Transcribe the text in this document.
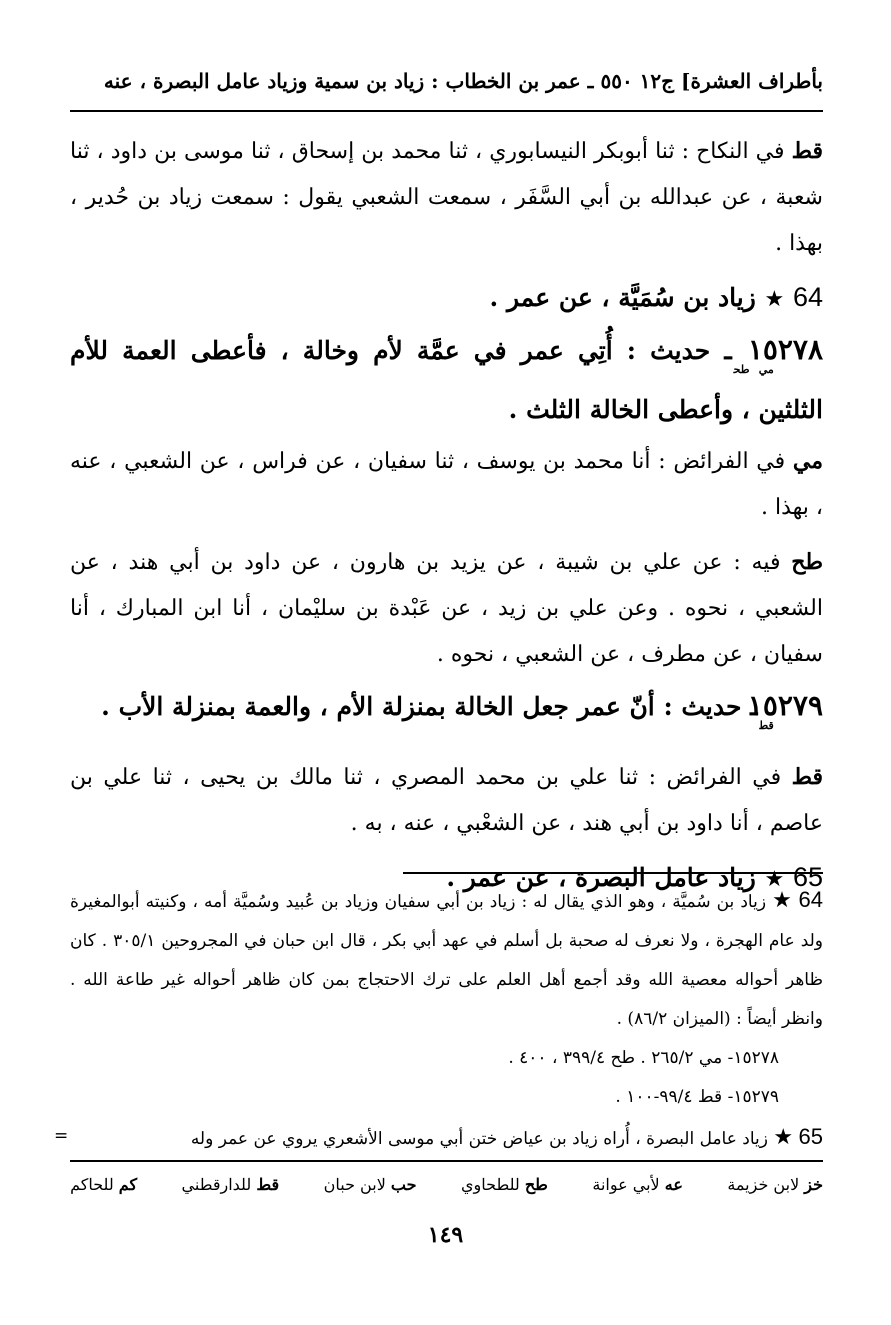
بأطراف العشرة] ج١٢ ٥٥٠ ـ عمر بن الخطاب : زياد بن سمية وزياد عامل البصرة ، عنه

قط في النكاح : ثنا أبوبكر النيسابوري ، ثنا محمد بن إسحاق ، ثنا موسى بن داود ، ثنا شعبة ، عن عبدالله بن أبي السَّفَر ، سمعت الشعبي يقول : سمعت زياد بن حُدير ، بهذا .

64 ★ زياد بن سُمَيَّة ، عن عمر .

$١٥٢٧٨_{مي طح}ـ$ حديث : أُتِي عمر في عمَّة لأم وخالة ، فأعطى العمة للأم الثلثين ، وأعطى الخالة الثلث .

مي في الفرائض : أنا محمد بن يوسف ، ثنا سفيان ، عن فراس ، عن الشعبي ، عنه ، بهذا .

طح فيه : عن علي بن شيبة ، عن يزيد بن هارون ، عن داود بن أبي هند ، عن الشعبي ، نحوه . وعن علي بن زيد ، عن عَبْدة بن سليْمان ، أنا ابن المبارك ، أنا سفيان ، عن مطرف ، عن الشعبي ، نحوه .

$١٥٢٧٩_{قط}ـ$ حديث : أنّ عمر جعل الخالة بمنزلة الأم ، والعمة بمنزلة الأب .

قط في الفرائض : ثنا علي بن محمد المصري ، ثنا مالك بن يحيى ، ثنا علي بن عاصم ، أنا داود بن أبي هند ، عن الشعْبي ، عنه ، به .

65 ★ زياد عامل البصرة ، عن عمر .

64 ★ زياد بن سُميَّة ، وهو الذي يقال له : زياد بن أبي سفيان وزياد بن عُبيد وسُميَّة أمه ، وكنيته أبوالمغيرة ولد عام الهجرة ، ولا نعرف له صحبة بل أسلم في عهد أبي بكر ، قال ابن حبان في المجروحين ٣٠٥/١ . كان ظاهر أحواله معصية الله وقد أجمع أهل العلم على ترك الاحتجاج بمن كان ظاهر أحواله غير طاعة الله . وانظر أيضاً : (الميزان ٨٦/٢) .

١٥٢٧٨- مي ٢٦٥/٢ . طح ٣٩٩/٤ ، ٤٠٠ .

١٥٢٧٩- قط ٩٩/٤-١٠٠ .

65 ★ زياد عامل البصرة ، أُراه زياد بن عياض ختن أبي موسى الأشعري يروي عن عمر وله
=

خز لابن خزيمة
عه لأبي عوانة
طح للطحاوي
حب لابن حبان
قط للدارقطني
كم للحاكم
١٤٩
